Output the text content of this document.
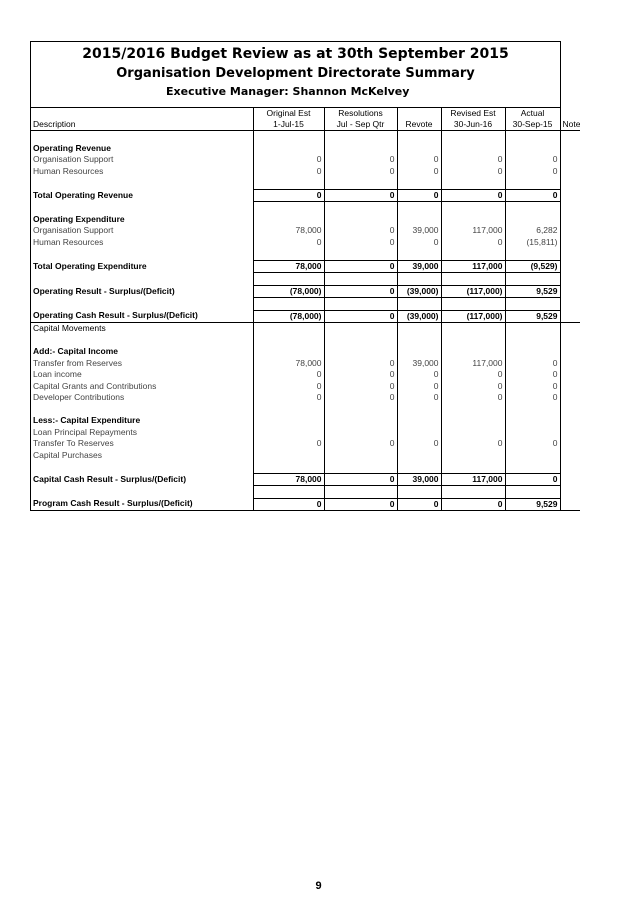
2015/2016 Budget Review as at 30th September 2015
Organisation Development Directorate Summary
Executive Manager: Shannon McKelvey
	Original Est	Resolutions		Revised Est	Actual	
Description	1-Jul-15	Jul - Sep Qtr	Revote	30-Jun-16	30-Sep-15	Note

Operating Revenue						
Organisation Support	0	0	0	0	0	
Human Resources	0	0	0	0	0	

Total Operating Revenue	0	0	0	0	0	

Operating Expenditure						
Organisation Support	78,000	0	39,000	117,000	6,282	
Human Resources	0	0	0	0	(15,811)	

Total Operating Expenditure	78,000	0	39,000	117,000	(9,529)	

Operating Result - Surplus/(Deficit)	(78,000)	0	(39,000)	(117,000)	9,529	

Operating Cash Result - Surplus/(Deficit)	(78,000)	0	(39,000)	(117,000)	9,529	
Capital Movements						

Add:- Capital Income						
Transfer from Reserves	78,000	0	39,000	117,000	0	
Loan income	0	0	0	0	0	
Capital Grants and Contributions	0	0	0	0	0	
Developer Contributions	0	0	0	0	0	

Less:- Capital Expenditure						
Loan Principal Repayments						
Transfer To Reserves	0	0	0	0	0	
Capital Purchases						

Capital Cash Result - Surplus/(Deficit)	78,000	0	39,000	117,000	0	

Program Cash Result - Surplus/(Deficit)	0	0	0	0	9,529	
9
